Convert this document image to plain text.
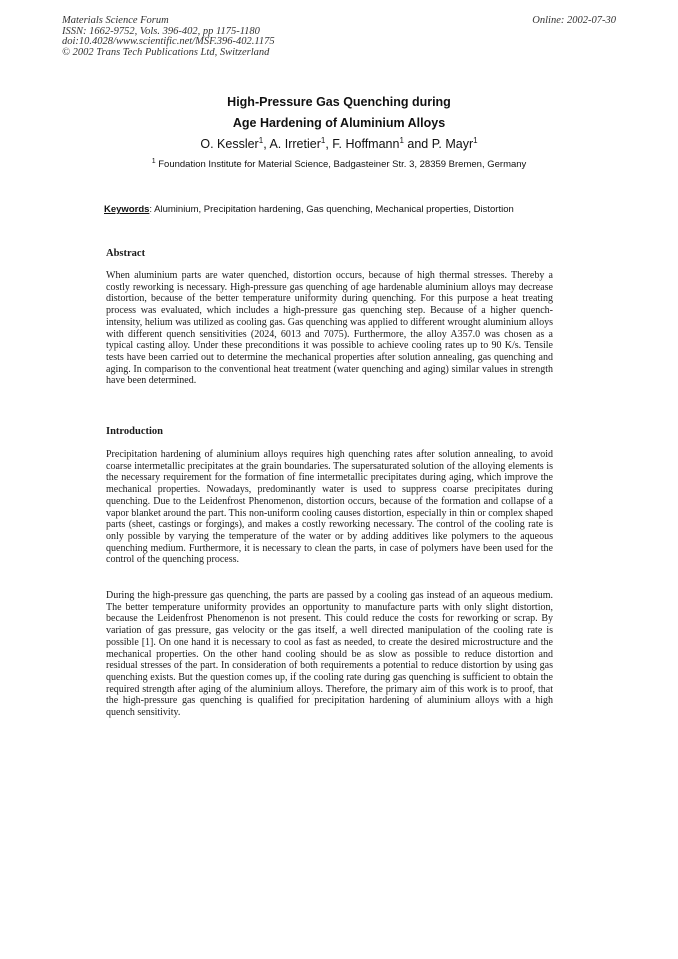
Materials Science Forum
ISSN: 1662-9752, Vols. 396-402, pp 1175-1180
doi:10.4028/www.scientific.net/MSF.396-402.1175
© 2002 Trans Tech Publications Ltd, Switzerland
Online: 2002-07-30
High-Pressure Gas Quenching during
Age Hardening of Aluminium Alloys
O. Kessler$^1$, A. Irretier$^1$, F. Hoffmann$^1$ and P. Mayr$^1$
$^1$ Foundation Institute for Material Science, Badgasteiner Str. 3, 28359 Bremen, Germany
Keywords: Aluminium, Precipitation hardening, Gas quenching, Mechanical properties, Distortion
Abstract

When aluminium parts are water quenched, distortion occurs, because of high thermal stresses. Thereby a costly reworking is necessary. High-pressure gas quenching of age hardenable aluminium alloys may decrease distortion, because of the better temperature uniformity during quenching. For this purpose a heat treating process was evaluated, which includes a high-pressure gas quenching step. Because of a higher quench-intensity, helium was utilized as cooling gas. Gas quenching was applied to different wrought aluminium alloys with different quench sensitivities (2024, 6013 and 7075). Furthermore, the alloy A357.0 was chosen as a typical casting alloy. Under these preconditions it was possible to achieve cooling rates up to 90 K/s. Tensile tests have been carried out to determine the mechanical properties after solution annealing, gas quenching and aging. In comparison to the conventional heat treatment (water quenching and aging) similar values in strength have been determined.

Introduction

Precipitation hardening of aluminium alloys requires high quenching rates after solution annealing, to avoid coarse intermetallic precipitates at the grain boundaries. The supersaturated solution of the alloying elements is the necessary requirement for the formation of fine intermetallic precipitates during aging, which improve the mechanical properties. Nowadays, predominantly water is used to suppress coarse precipitates during quenching. Due to the Leidenfrost Phenomenon, distortion occurs, because of the formation and collapse of a vapor blanket around the part. This non-uniform cooling causes distortion, especially in thin or complex shaped parts (sheet, castings or forgings), and makes a costly reworking necessary. The control of the cooling rate is only possible by varying the temperature of the water or by adding additives like polymers to the aqueous quenching medium. Furthermore, it is necessary to clean the parts, in case of polymers have been used for the control of the quenching process.

During the high-pressure gas quenching, the parts are passed by a cooling gas instead of an aqueous medium. The better temperature uniformity provides an opportunity to manufacture parts with only slight distortion, because the Leidenfrost Phenomenon is not present. This could reduce the costs for reworking or scrap. By variation of gas pressure, gas velocity or the gas itself, a well directed manipulation of the cooling rate is possible [1]. On one hand it is necessary to cool as fast as needed, to create the desired microstructure and the mechanical properties. On the other hand cooling should be as slow as possible to reduce distortion and residual stresses of the part. In consideration of both requirements a potential to reduce distortion by using gas quenching exists. But the question comes up, if the cooling rate during gas quenching is sufficient to obtain the required strength after aging of the aluminium alloys. Therefore, the primary aim of this work is to proof, that the high-pressure gas quenching is qualified for precipitation hardening of aluminium alloys with a high quench sensitivity.
